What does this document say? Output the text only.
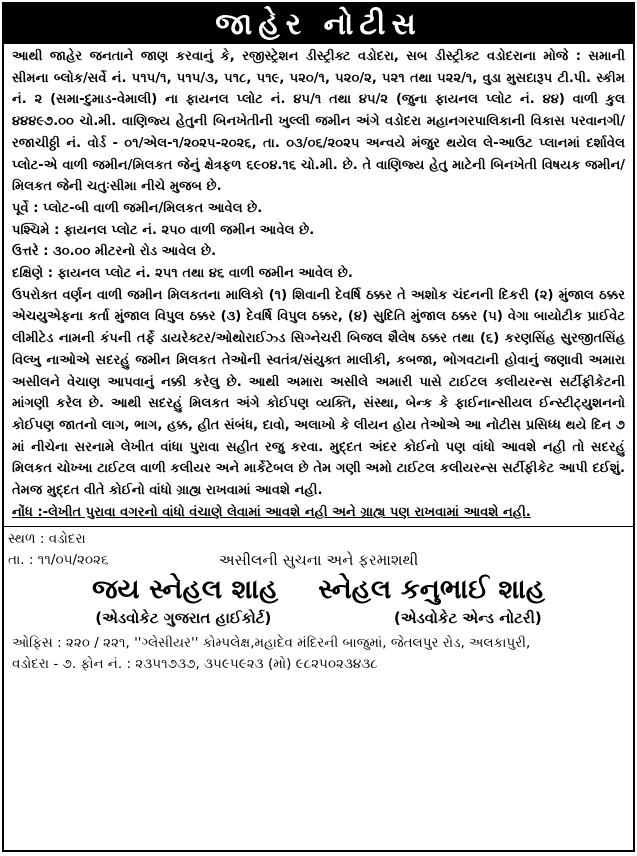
જાહેર નોટીસ

આથી જાહેર જનતાને જાણ કરવાનું કે, રજીસ્ટ્રેશન ડીસ્ટ્રીક્ટ વડોદરા, સબ ડીસ્ટ્રીક્ટ વડોદરાના મોજે : સમાની સીમના બ્લોક/સર્વે નં. ૫૧૫/૧, ૫૧૫/૩, ૫૧૮, ૫૧૯, ૫૨૦/૧, ૫૨૦/૨, ૫૨૧ તથા ૫૨૨/૧, વુડા મુસદારૂપ ટી.પી. સ્કીમ નં. ૨ (સમા-દુમાડ-વેમાલી) ના ફાયનલ પ્લોટ નં. ૪૫/૧ તથા ૪૫/૨ (જુના ફાયનલ પ્લોટ નં. ૪૪) વાળી કુલ ૪૪૪૯૭.૦૦ ચો.મી. વાણિજ્ય હેતુની બિનખેતીની ખુલ્લી જમીન અંગે વડોદરા મહાનગરપાલિકાની વિકાસ પરવાનગી/રજાચીઠ્ઠી નં. વોર્ડ - ૦૧/એલ-૧/૨૦૨૫-૨૦૨૬, તા. ૦૩/૦૬/૨૦૨૫ અન્વયે મંજુર થયેલ લે-આઉટ પ્લાનમાં દર્શાવેલ પ્લોટ-એ વાળી જમીન/મિલકત જેનું ક્ષેત્રફળ ૬૯૦૪.૧૬ ચો.મી. છે. તે વાણિજ્ય હેતુ માટેની બિનખેતી વિષયક જમીન/મિલકત જેની ચતુઃસીમા નીચે મુજબ છે.

પૂર્વે : પ્લોટ-બી વાળી જમીન/મિલકત આવેલ છે.
પશ્ચિમે : ફાયનલ પ્લોટ નં. ૨૫૦ વાળી જમીન આવેલ છે.
ઉત્તરે : ૩૦.૦૦ મીટરનો રોડ આવેલ છે.
દક્ષિણે : ફાયનલ પ્લોટ નં. ૨૫૧ તથા ૪૬ વાળી જમીન આવેલ છે.

ઉપરોક્ત વર્ણન વાળી જમીન મિલકતના માલિકો (૧) શિવાની દેવર્ષિ ઠક્કર તે અશોક ચંદનની દિકરી (૨) મુંજાલ ઠક્કર એચયુએફના કર્તા મુંજાલ વિપુલ ઠક્કર (૩) દેવર્ષિ વિપુલ ઠક્કર, (૪) સુદિતિ મુંજાલ ઠક્કર (૫) વેગા બાયોટીક પ્રાઈવેટ લીમીટેડ નામની કંપની તર્ફે ડાયરેક્ટર/ઓથોરાઈઝ્ડ સિગ્નેચરી બિજલ શૈલેષ ઠક્કર તથા (૬) કરણસિંહ સુરજીતસિંહ વિલ્ખુ નાઓએ સદરહું જમીન મિલકત તેઓની સ્વતંત્ર/સંયુક્ત માલીકી, કબજા, ભોગવટાની હોવાનું જણાવી અમારા અસીલને વેચાણ આપવાનું નક્કી કરેલુ છે. આથી અમારા અસીલે અમારી પાસે ટાઈટલ કલીયરન્સ સર્ટીફીકેટની માંગણી કરેલ છે. આથી સદરહું મિલકત અંગે કોઈપણ વ્યક્તિ, સંસ્થા, બેન્ક કે ફાઈનાન્સીયલ ઈન્સ્ટીટ્યુશનનો કોઈપણ જાતનો લાગ, ભાગ, હક્ક, હીત સંબંધ, દાવો, અલાખો કે લીયન હોય તેઓએ આ નોટીસ પ્રસિધ્ધ થયે દિન ૭ માં નીચેના સરનામે લેખીત વાંધા પુરાવા સહીત રજુ કરવા. મુદ્દત અંદર કોઈનો પણ વાંધો આવશે નહી તો સદરહું મિલકત ચોખ્ખા ટાઈટલ વાળી કલીયર અને માર્કેટેબલ છે તેમ ગણી અમો ટાઈટલ કલીયરન્સ સર્ટીફીકેટ આપી દઈશું. તેમજ મુદ્દત વીતે કોઈનો વાંધો ગ્રાહ્ય રાખવામાં આવશે નહી.

નોંધ :-લેખીત પુરાવા વગરનો વાંધો વંચાણે લેવામાં આવશે નહી અને ગ્રાહ્ય પણ રાખવામાં આવશે નહી.

સ્થળ : વડોદરા
તા. : ૧૧/૦૫/૨૦૨૬	અસીલની સુચના અને ફરમાશથી
જય સ્નેહલ શાહ સ્નેહલ કનુભાઈ શાહ
(એડવોકેટ ગુજરાત હાઈકોર્ટ)	(એડવોકેટ એન્ડ નોટરી)
ઓફિસ : ૨૨૦ / ૨૨૧, ''ગ્લેસીયર'' કોમ્પલેક્ષ,મહાદેવ મંદિરની બાજુમાં, જેતલપુર રોડ, અલકાપુરી,
વડોદરા - ૭. ફોન નં. : ૨૩૫૧૭૩૭, ૩૫૯૫૯૨૩ (મો) ૯૮૨૫૦૨૩૪૩૮
